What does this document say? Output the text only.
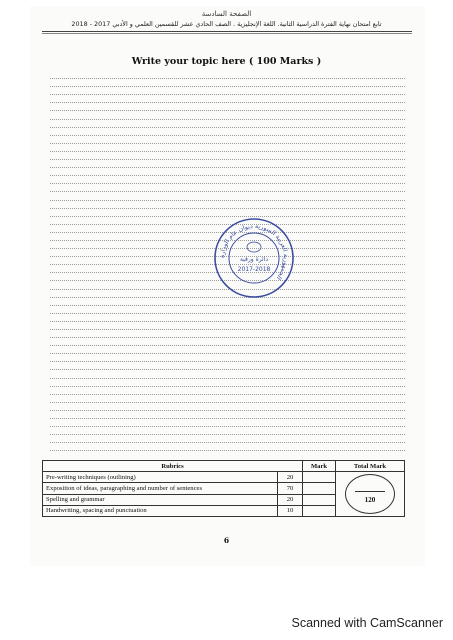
الصفحة السادسة
تابع امتحان نهاية الفترة الدراسية الثانية. اللغة الإنجليزية . الصف الحادي عشر للقسمين العلمي و الأدبي 2017 - 2018
Write your topic here ( 100 Marks )
الجمهورية العربية السورية ديوان عام الوزارة
دائرة ورقية
2017-2018
Rubrics		Mark	Total Mark
Pre-writing techniques (outlining)	20		120

Exposition of ideas, paragraphing and number of sentences	70		
Spelling and grammar	20		
Handwriting, spacing and punctuation	10		
6
Scanned with CamScanner
